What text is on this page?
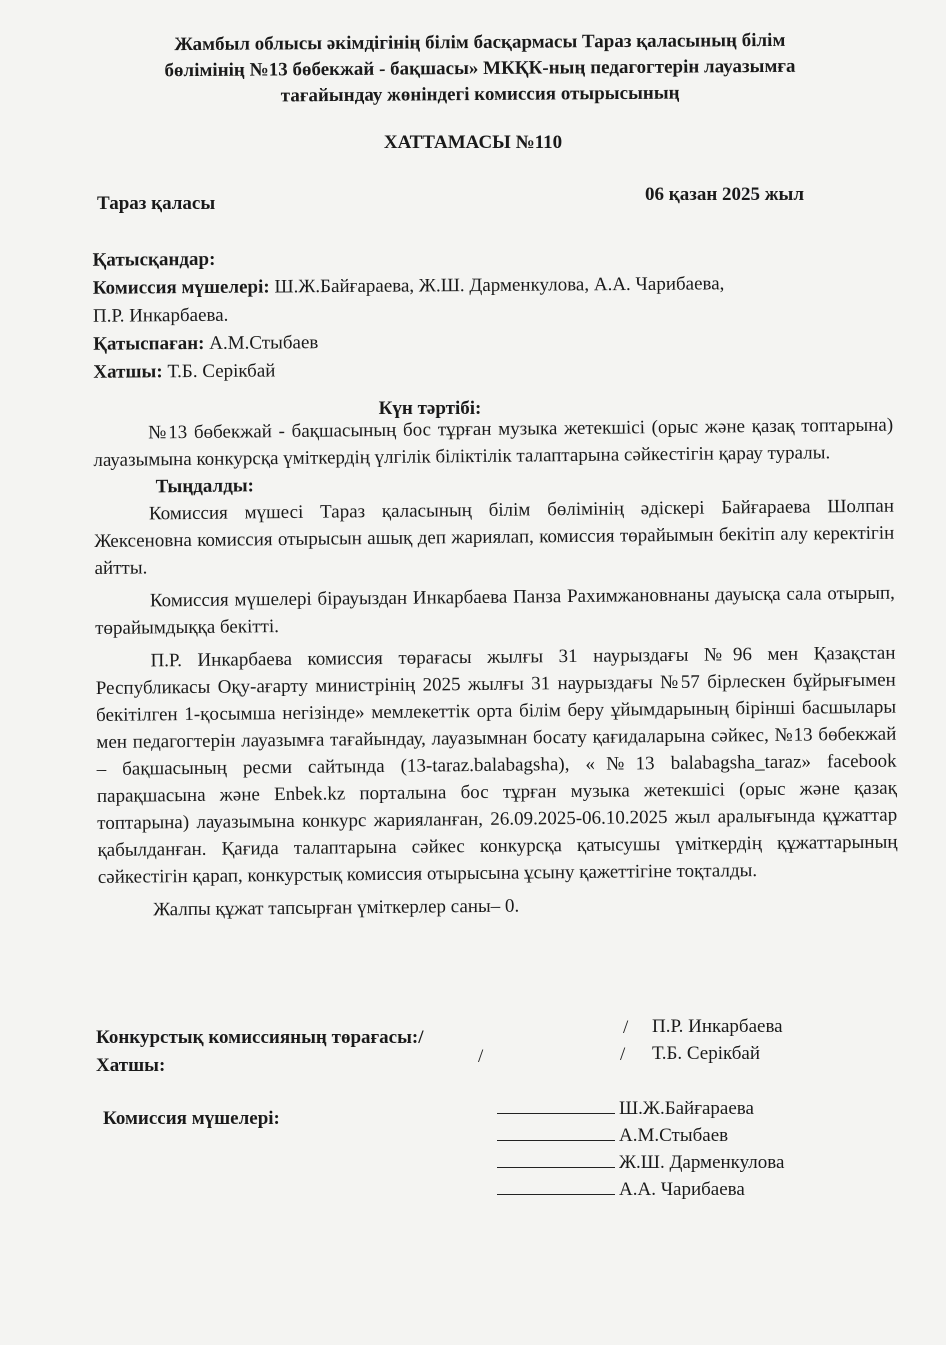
Жамбыл облысы әкімдігінің білім басқармасы Тараз қаласының білім
бөлімінің №13 бөбекжай - бақшасы» МКҚК-ның педагогтерін лауазымға
тағайындау жөніндегі комиссия отырысының
ХАТТАМАСЫ №110
Тараз қаласы	06 қазан 2025 жыл
Қатысқандар:
Комиссия мүшелері: Ш.Ж.Байғараева, Ж.Ш. Дарменкулова, А.А. Чарибаева,
П.Р. Инкарбаева.
Қатыспаған: А.М.Стыбаев
Хатшы: Т.Б. Серікбай
Күн тәртібі:

№13 бөбекжай - бақшасының бос тұрған музыка жетекшісі (орыс және қазақ топтарына) лауазымына конкурсқа үміткердің үлгілік біліктілік талаптарына сәйкестігін қарау туралы.

Тыңдалды:

Комиссия мүшесі Тараз қаласының білім бөлімінің әдіскері Байғараева Шолпан Жексеновна комиссия отырысын ашық деп жариялап, комиссия төрайымын бекітіп алу керектігін айтты.

Комиссия мүшелері бірауыздан Инкарбаева Панза Рахимжановнаны дауысқа сала отырып, төрайымдыққа бекітті.

П.Р. Инкарбаева комиссия төрағасы жылғы 31 наурыздағы №96 мен Қазақстан Республикасы Оқу-ағарту министрінің 2025 жылғы 31 наурыздағы №57 бірлескен бұйрығымен бекітілген 1-қосымша негізінде» мемлекеттік орта білім беру ұйымдарының бірінші басшылары мен педагогтерін лауазымға тағайындау, лауазымнан босату қағидаларына сәйкес, №13 бөбекжай – бақшасының ресми сайтында (13-taraz.balabagsha), «№13 balabagsha_taraz» facebook парақшасына және Enbek.kz порталына бос тұрған музыка жетекшісі (орыс және қазақ топтарына) лауазымына конкурс жарияланған, 26.09.2025-06.10.2025 жыл аралығында құжаттар қабылданған. Қағида талаптарына сәйкес конкурсқа қатысушы үміткердің құжаттарының сәйкестігін қарап, конкурстық комиссия отырысына ұсыну қажеттігіне тоқталды.

Жалпы құжат тапсырған үміткерлер саны– 0.

Конкурстық комиссияның төрағасы:/	/ П.Р. Инкарбаева
Хатшы:	/	/ Т.Б. Серікбай
Комиссия мүшелері:	Ш.Ж.Байғараева
А.М.Стыбаев
Ж.Ш. Дарменкулова
А.А. Чарибаева
